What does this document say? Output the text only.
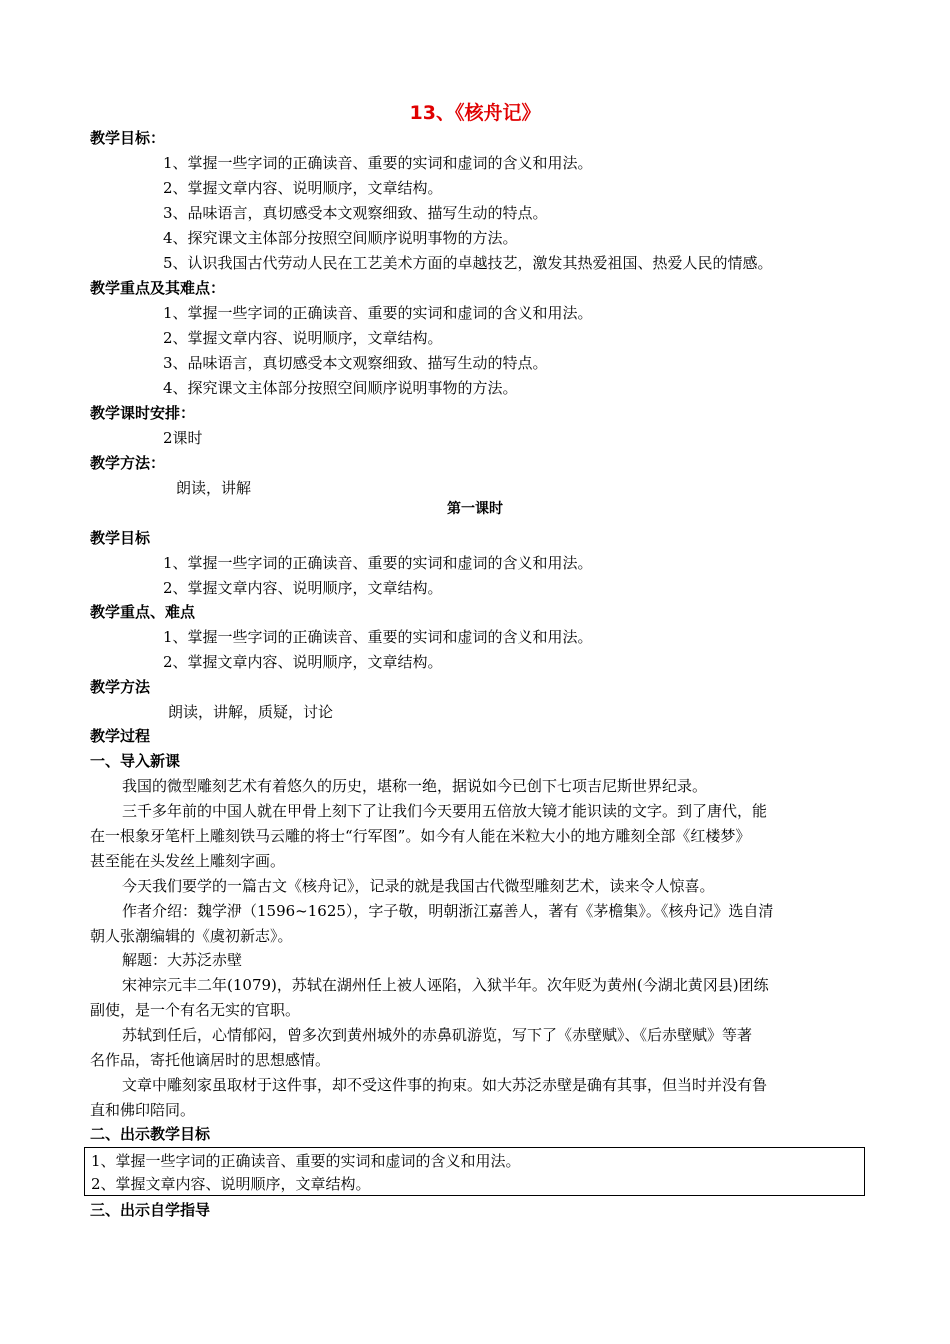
13、《核舟记》
教学目标：
1、掌握一些字词的正确读音、重要的实词和虚词的含义和用法。
2、掌握文章内容、说明顺序，文章结构。
3、品味语言，真切感受本文观察细致、描写生动的特点。
4、探究课文主体部分按照空间顺序说明事物的方法。
5、认识我国古代劳动人民在工艺美术方面的卓越技艺，激发其热爱祖国、热爱人民的情感。
教学重点及其难点：
1、掌握一些字词的正确读音、重要的实词和虚词的含义和用法。
2、掌握文章内容、说明顺序，文章结构。
3、品味语言，真切感受本文观察细致、描写生动的特点。
4、探究课文主体部分按照空间顺序说明事物的方法。
教学课时安排：
2课时
教学方法：
朗读，讲解
第一课时
教学目标
1、掌握一些字词的正确读音、重要的实词和虚词的含义和用法。
2、掌握文章内容、说明顺序，文章结构。
教学重点、难点
1、掌握一些字词的正确读音、重要的实词和虚词的含义和用法。
2、掌握文章内容、说明顺序，文章结构。
教学方法
朗读，讲解，质疑，讨论
教学过程
一、导入新课
我国的微型雕刻艺术有着悠久的历史，堪称一绝，据说如今已创下七项吉尼斯世界纪录。
三千多年前的中国人就在甲骨上刻下了让我们今天要用五倍放大镜才能识读的文字。到了唐代，能
在一根象牙笔杆上雕刻铁马云雕的将士“行军图”。如今有人能在米粒大小的地方雕刻全部《红楼梦》
甚至能在头发丝上雕刻字画。
今天我们要学的一篇古文《核舟记》，记录的就是我国古代微型雕刻艺术，读来令人惊喜。
作者介绍：魏学洢（1596~1625），字子敬，明朝浙江嘉善人，著有《茅檐集》。《核舟记》选自清
朝人张潮编辑的《虞初新志》。
解题：大苏泛赤壁
宋神宗元丰二年(1079)，苏轼在湖州任上被人诬陷，入狱半年。次年贬为黄州(今湖北黄冈县)团练
副使，是一个有名无实的官职。
苏轼到任后，心情郁闷，曾多次到黄州城外的赤鼻矶游览，写下了《赤壁赋》、《后赤壁赋》等著
名作品，寄托他谪居时的思想感情。
文章中雕刻家虽取材于这件事，却不受这件事的拘束。如大苏泛赤壁是确有其事，但当时并没有鲁
直和佛印陪同。
二、出示教学目标
1、掌握一些字词的正确读音、重要的实词和虚词的含义和用法。
2、掌握文章内容、说明顺序，文章结构。
三、出示自学指导
